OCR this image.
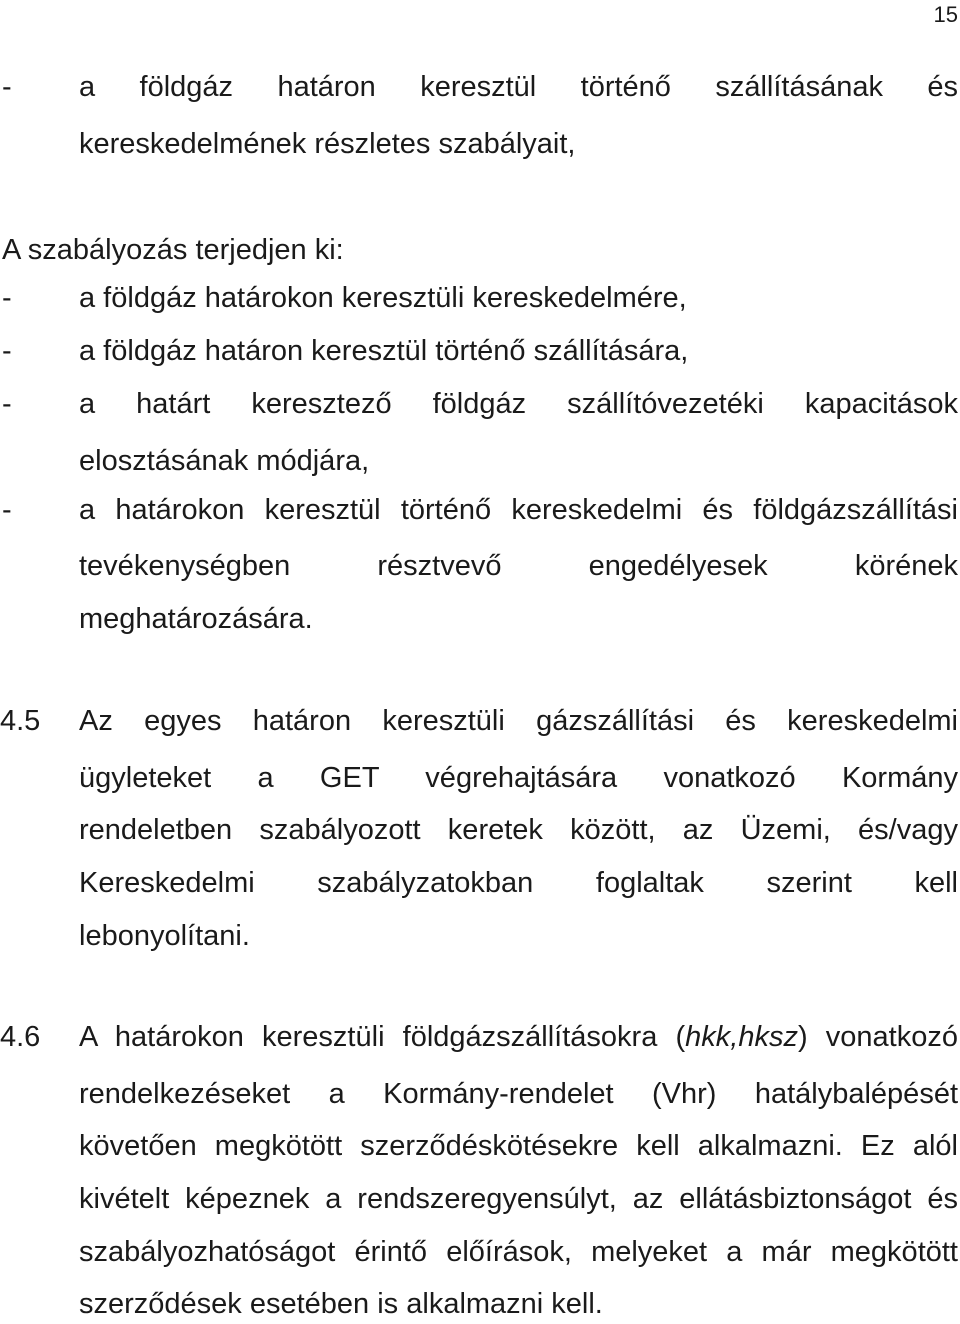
15
-	a földgáz határon keresztül történő szállításának és
kereskedelmének részletes szabályait,
A szabályozás terjedjen ki:
-	a földgáz határokon keresztüli kereskedelmére,
-	a földgáz határon keresztül történő szállítására,
-	a határt keresztező földgáz szállítóvezetéki kapacitások
elosztásának módjára,
-	a határokon keresztül történő kereskedelmi és földgázszállítási
tevékenységben résztvevő engedélyesek körének
meghatározására.
4.5	Az egyes határon keresztüli gázszállítási és kereskedelmi
ügyleteket a GET végrehajtására vonatkozó Kormány
rendeletben szabályozott keretek között, az Üzemi, és/vagy
Kereskedelmi szabályzatokban foglaltak szerint kell
lebonyolítani.
4.6	A határokon keresztüli földgázszállításokra (hkk,hksz) vonatkozó
rendelkezéseket a Kormány-rendelet (Vhr) hatálybalépését
követően megkötött szerződéskötésekre kell alkalmazni. Ez alól
kivételt képeznek a rendszeregyensúlyt, az ellátásbiztonságot és
szabályozhatóságot érintő előírások, melyeket a már megkötött
szerződések esetében is alkalmazni kell.
